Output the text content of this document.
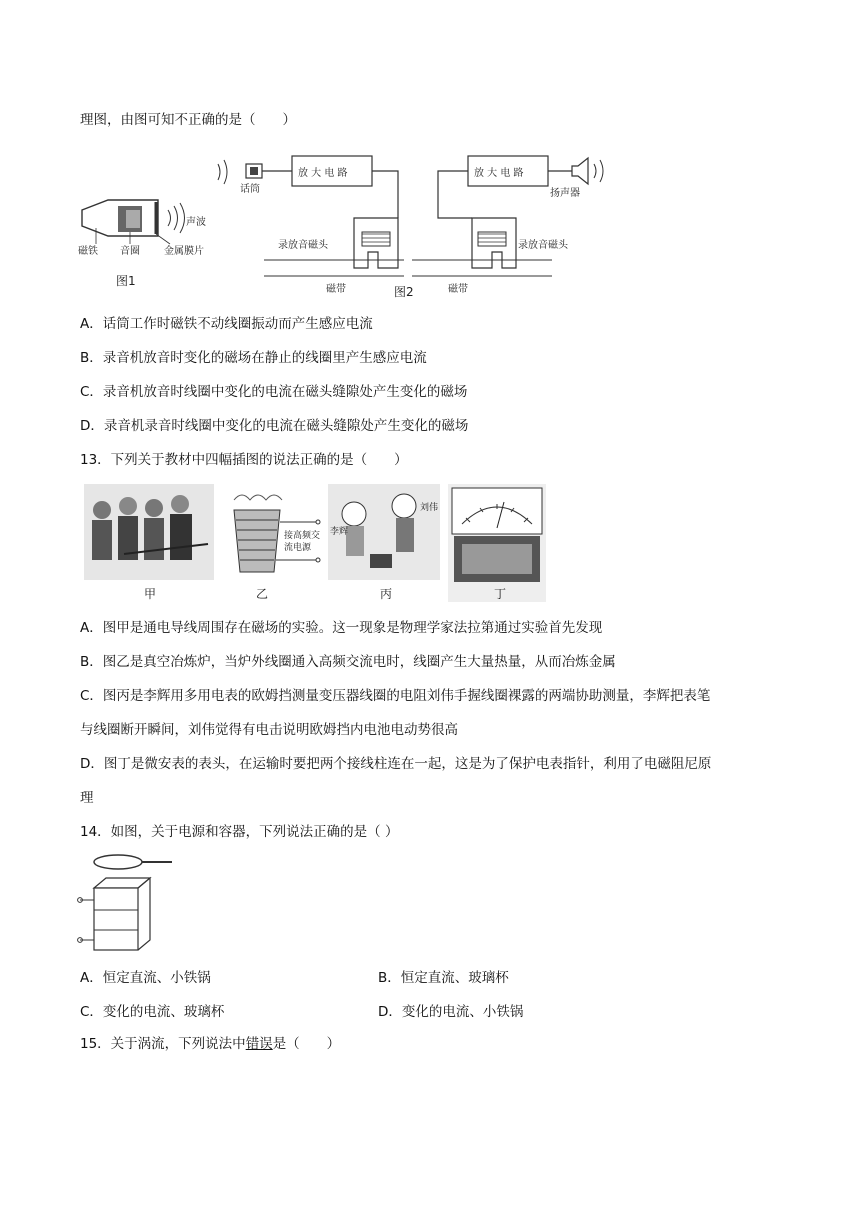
理图，由图可知不正确的是（　　）
声波
磁铁 音圈 金属膜片
图1
话筒
放 大 电 路
录放音磁头
磁带
放 大 电 路
扬声器
录放音磁头
磁带
图2
A．话筒工作时磁铁不动线圈振动而产生感应电流
B．录音机放音时变化的磁场在静止的线圈里产生感应电流
C．录音机放音时线圈中变化的电流在磁头缝隙处产生变化的磁场
D．录音机录音时线圈中变化的电流在磁头缝隙处产生变化的磁场
13．下列关于教材中四幅插图的说法正确的是（　　）
甲
接高频交
流电源
乙
李辉
刘伟
丙	丁
A．图甲是通电导线周围存在磁场的实验。这一现象是物理学家法拉第通过实验首先发现
B．图乙是真空冶炼炉，当炉外线圈通入高频交流电时，线圈产生大量热量，从而冶炼金属
C．图丙是李辉用多用电表的欧姆挡测量变压器线圈的电阻刘伟手握线圈裸露的两端协助测量，李辉把表笔
与线圈断开瞬间，刘伟觉得有电击说明欧姆挡内电池电动势很高
D．图丁是微安表的表头，在运输时要把两个接线柱连在一起，这是为了保护电表指针，利用了电磁阻尼原
理
14．如图，关于电源和容器，下列说法正确的是（ ）
A．恒定直流、小铁锅	B．恒定直流、玻璃杯
C．变化的电流、玻璃杯	D．变化的电流、小铁锅
15．关于涡流，下列说法中错误是（　　）
